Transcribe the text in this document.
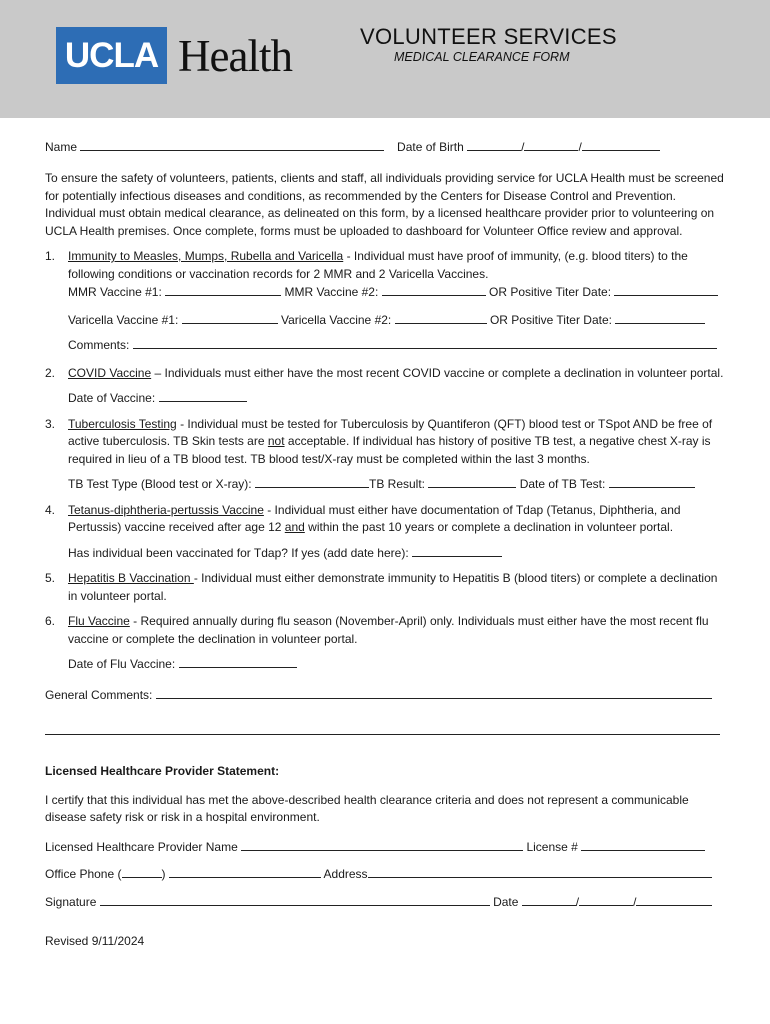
UCLA Health	VOLUNTEER SERVICES
MEDICAL CLEARANCE FORM
Name	Date of Birth	/	/

To ensure the safety of volunteers, patients, clients and staff, all individuals providing service for UCLA Health must be screened for potentially infectious diseases and conditions, as recommended by the Centers for Disease Control and Prevention. Individual must obtain medical clearance, as delineated on this form, by a licensed healthcare provider prior to volunteering on UCLA Health premises. Once complete, forms must be uploaded to dashboard for Volunteer Office review and approval.

1. Immunity to Measles, Mumps, Rubella and Varicella - Individual must have proof of immunity, (e.g. blood titers) to the following conditions or vaccination records for 2 MMR and 2 Varicella Vaccines.

MMR Vaccine #1:	MMR Vaccine #2:	OR Positive Titer Date:
Varicella Vaccine #1:	Varicella Vaccine #2:	OR Positive Titer Date:
Comments:
2. COVID Vaccine – Individuals must either have the most recent COVID vaccine or complete a declination in volunteer portal.

Date of Vaccine:
3. Tuberculosis Testing - Individual must be tested for Tuberculosis by Quantiferon (QFT) blood test or TSpot AND be free of active tuberculosis. TB Skin tests are not acceptable. If individual has history of positive TB test, a negative chest X-ray is required in lieu of a TB blood test. TB blood test/X-ray must be completed within the last 3 months.

TB Test Type (Blood test or X-ray):	TB Result:	Date of TB Test:
4. Tetanus-diphtheria-pertussis Vaccine - Individual must either have documentation of Tdap (Tetanus, Diphtheria, and Pertussis) vaccine received after age 12 and within the past 10 years or complete a declination in volunteer portal.

Has individual been vaccinated for Tdap? If yes (add date here):
5. Hepatitis B Vaccination - Individual must either demonstrate immunity to Hepatitis B (blood titers) or complete a declination in volunteer portal.

6. Flu Vaccine - Required annually during flu season (November-April) only. Individuals must either have the most recent flu vaccine or complete the declination in volunteer portal.

Date of Flu Vaccine:
General Comments:

Licensed Healthcare Provider Statement:

I certify that this individual has met the above-described health clearance criteria and does not represent a communicable disease safety risk or risk in a hospital environment.

Licensed Healthcare Provider Name	License #
Office Phone (	)	Address
Signature	Date	/	/

Revised 9/11/2024
